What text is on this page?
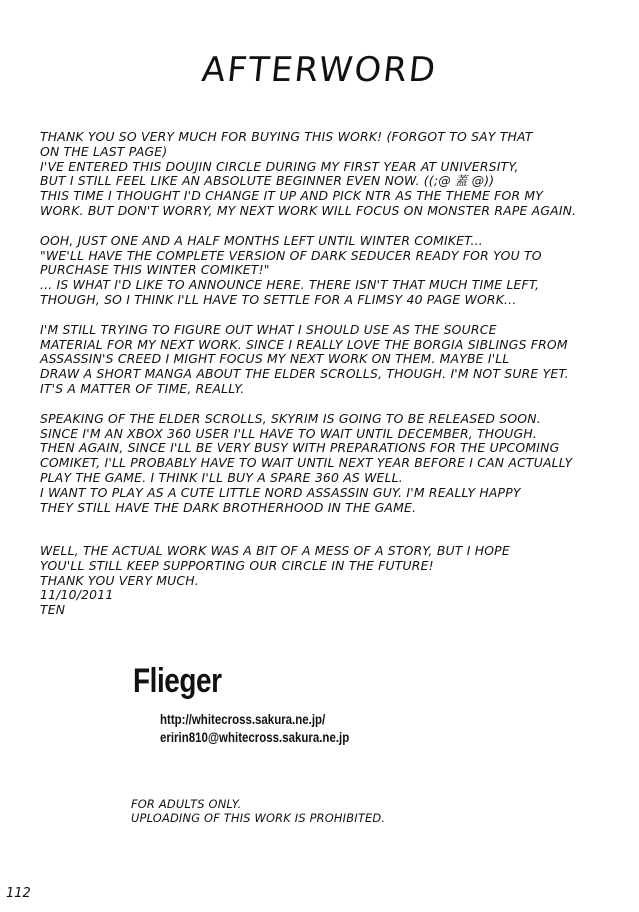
AFTERWORD
THANK YOU SO VERY MUCH FOR BUYING THIS WORK! (FORGOT TO SAY THAT
ON THE LAST PAGE)
I'VE ENTERED THIS DOUJIN CIRCLE DURING MY FIRST YEAR AT UNIVERSITY,
BUT I STILL FEEL LIKE AN ABSOLUTE BEGINNER EVEN NOW. ((;@ 蓋 @))
THIS TIME I THOUGHT I'D CHANGE IT UP AND PICK NTR AS THE THEME FOR MY
WORK. BUT DON'T WORRY, MY NEXT WORK WILL FOCUS ON MONSTER RAPE AGAIN.
OOH, JUST ONE AND A HALF MONTHS LEFT UNTIL WINTER COMIKET...
"WE'LL HAVE THE COMPLETE VERSION OF DARK SEDUCER READY FOR YOU TO
PURCHASE THIS WINTER COMIKET!"
... IS WHAT I'D LIKE TO ANNOUNCE HERE. THERE ISN'T THAT MUCH TIME LEFT,
THOUGH, SO I THINK I'LL HAVE TO SETTLE FOR A FLIMSY 40 PAGE WORK...
I'M STILL TRYING TO FIGURE OUT WHAT I SHOULD USE AS THE SOURCE
MATERIAL FOR MY NEXT WORK. SINCE I REALLY LOVE THE BORGIA SIBLINGS FROM
ASSASSIN'S CREED I MIGHT FOCUS MY NEXT WORK ON THEM. MAYBE I'LL
DRAW A SHORT MANGA ABOUT THE ELDER SCROLLS, THOUGH. I'M NOT SURE YET.
IT'S A MATTER OF TIME, REALLY.
SPEAKING OF THE ELDER SCROLLS, SKYRIM IS GOING TO BE RELEASED SOON.
SINCE I'M AN XBOX 360 USER I'LL HAVE TO WAIT UNTIL DECEMBER, THOUGH.
THEN AGAIN, SINCE I'LL BE VERY BUSY WITH PREPARATIONS FOR THE UPCOMING
COMIKET, I'LL PROBABLY HAVE TO WAIT UNTIL NEXT YEAR BEFORE I CAN ACTUALLY
PLAY THE GAME. I THINK I'LL BUY A SPARE 360 AS WELL.
I WANT TO PLAY AS A CUTE LITTLE NORD ASSASSIN GUY. I'M REALLY HAPPY
THEY STILL HAVE THE DARK BROTHERHOOD IN THE GAME.
WELL, THE ACTUAL WORK WAS A BIT OF A MESS OF A STORY, BUT I HOPE
YOU'LL STILL KEEP SUPPORTING OUR CIRCLE IN THE FUTURE!
THANK YOU VERY MUCH.
11/10/2011
TEN
Flieger
http://whitecross.sakura.ne.jp/
eririn810@whitecross.sakura.ne.jp
FOR ADULTS ONLY.
UPLOADING OF THIS WORK IS PROHIBITED.
112
